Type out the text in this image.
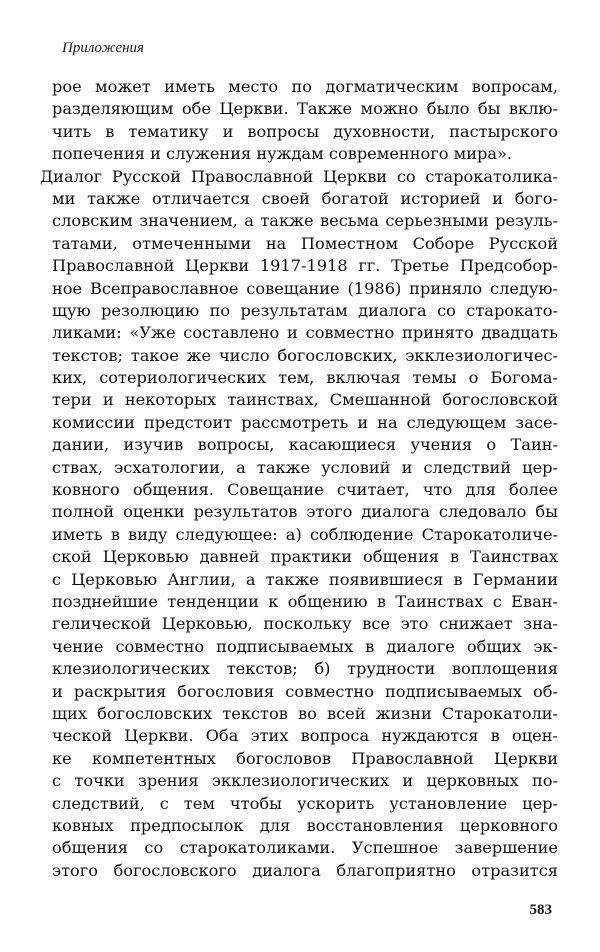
Приложения
рое может иметь место по догматическим вопросам,
разделяющим обе Церкви. Также можно было бы вклю-
чить в тематику и вопросы духовности, пастырского
попечения и служения нуждам современного мира».
Диалог Русской Православной Церкви со старокатолика-
ми также отличается своей богатой историей и бого-
словским значением, а также весьма серьезными резуль-
татами, отмеченными на Поместном Соборе Русской
Православной Церкви 1917-1918 гг. Третье Предсобор-
ное Всеправославное совещание (1986) приняло следую-
щую резолюцию по результатам диалога со старокато-
ликами: «Уже составлено и совместно принято двадцать
текстов; такое же число богословских, экклезиологичес-
ких, сотериологических тем, включая темы о Богома-
тери и некоторых таинствах, Смешанной богословской
комиссии предстоит рассмотреть и на следующем засе-
дании, изучив вопросы, касающиеся учения о Таин-
ствах, эсхатологии, а также условий и следствий цер-
ковного общения. Совещание считает, что для более
полной оценки результатов этого диалога следовало бы
иметь в виду следующее: а) соблюдение Старокатоличе-
ской Церковью давней практики общения в Таинствах
с Церковью Англии, а также появившиеся в Германии
позднейшие тенденции к общению в Таинствах с Еван-
гелической Церковью, поскольку все это снижает зна-
чение совместно подписываемых в диалоге общих эк-
клезиологических текстов; б) трудности воплощения
и раскрытия богословия совместно подписываемых об-
щих богословских текстов во всей жизни Старокатоли-
ческой Церкви. Оба этих вопроса нуждаются в оцен-
ке компетентных богословов Православной Церкви
с точки зрения экклезиологических и церковных по-
следствий, с тем чтобы ускорить установление цер-
ковных предпосылок для восстановления церковного
общения со старокатоликами. Успешное завершение
этого богословского диалога благоприятно отразится
583
